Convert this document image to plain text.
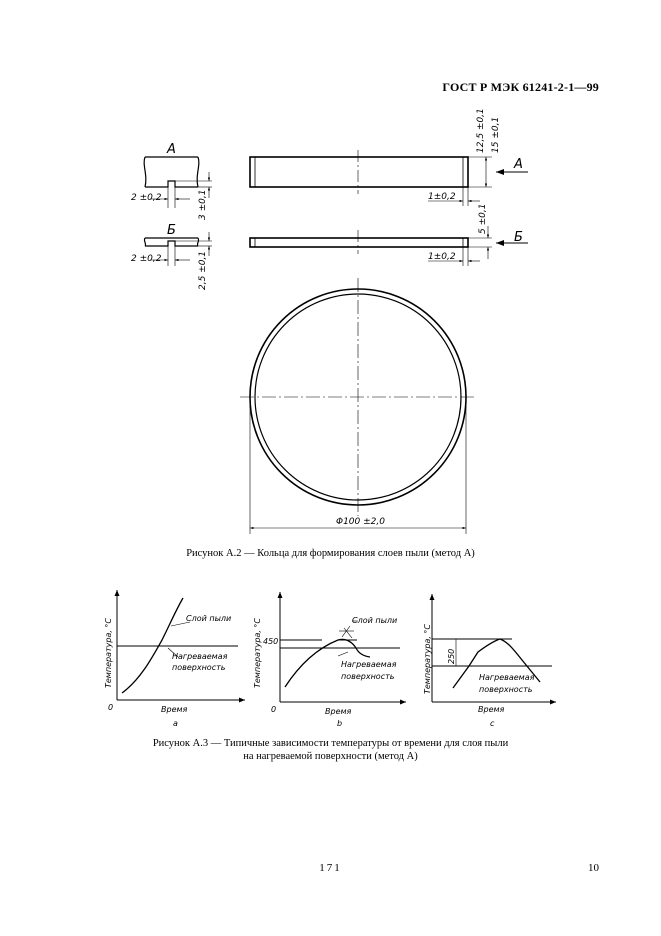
ГОСТ Р МЭК 61241-2-1—99
А
2 ±0,2	3 ±0,1
Б
2 ±0,2	2,5 ±0,1
1±0,2
12,5 ±0,1 15 ±0,1
А
1±0,2
5 ±0,1
Б
Φ100 ±2,0
Рисунок А.2 — Кольца для формирования слоев пыли (метод А)
Температура, °С
0	Время
a
Слой пыли
Нагреваемая
поверхность	Температура, °С 450
0	Время
b
Слой пыли
Нагреваемая
поверхность	Температура, °С 250
Время
c
Нагреваемая
поверхность
Рисунок А.3 — Типичные зависимости температуры от времени для слоя пыли
на нагреваемой поверхности (метод А)
171	10
